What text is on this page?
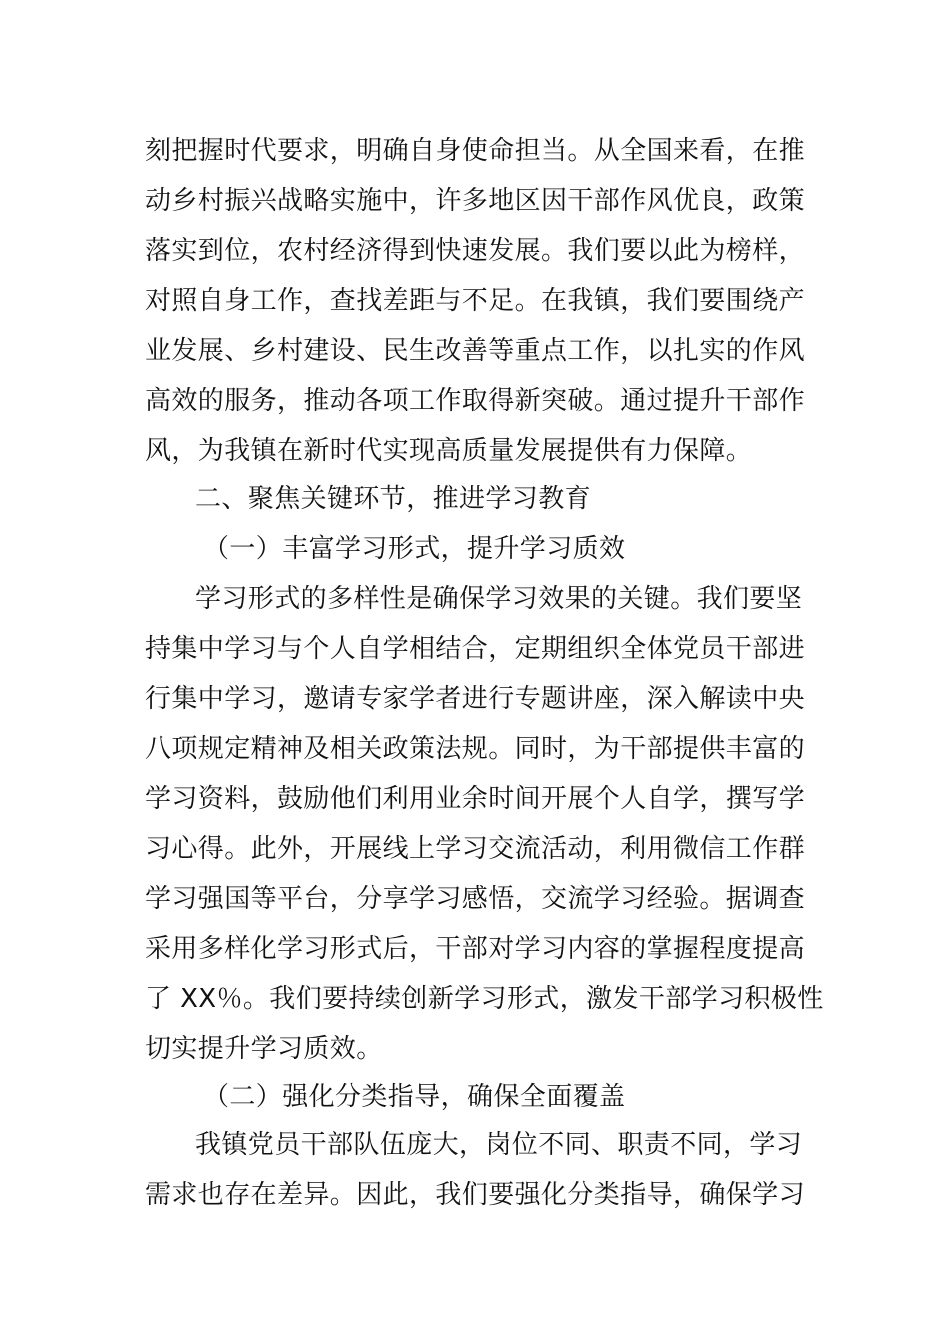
刻把握时代要求，明确自身使命担当。从全国来看，在推
动乡村振兴战略实施中，许多地区因干部作风优良，政策
落实到位，农村经济得到快速发展。我们要以此为榜样，
对照自身工作，查找差距与不足。在我镇，我们要围绕产
业发展、乡村建设、民生改善等重点工作，以扎实的作风
高效的服务，推动各项工作取得新突破。通过提升干部作
风，为我镇在新时代实现高质量发展提供有力保障。
二、聚焦关键环节，推进学习教育
（一）丰富学习形式，提升学习质效
学习形式的多样性是确保学习效果的关键。我们要坚
持集中学习与个人自学相结合，定期组织全体党员干部进
行集中学习，邀请专家学者进行专题讲座，深入解读中央
八项规定精神及相关政策法规。同时，为干部提供丰富的
学习资料，鼓励他们利用业余时间开展个人自学，撰写学
习心得。此外，开展线上学习交流活动，利用微信工作群
学习强国等平台，分享学习感悟，交流学习经验。据调查
采用多样化学习形式后，干部对学习内容的掌握程度提高
了 XX％。我们要持续创新学习形式，激发干部学习积极性
切实提升学习质效。
（二）强化分类指导，确保全面覆盖
我镇党员干部队伍庞大，岗位不同、职责不同，学习
需求也存在差异。因此，我们要强化分类指导，确保学习
